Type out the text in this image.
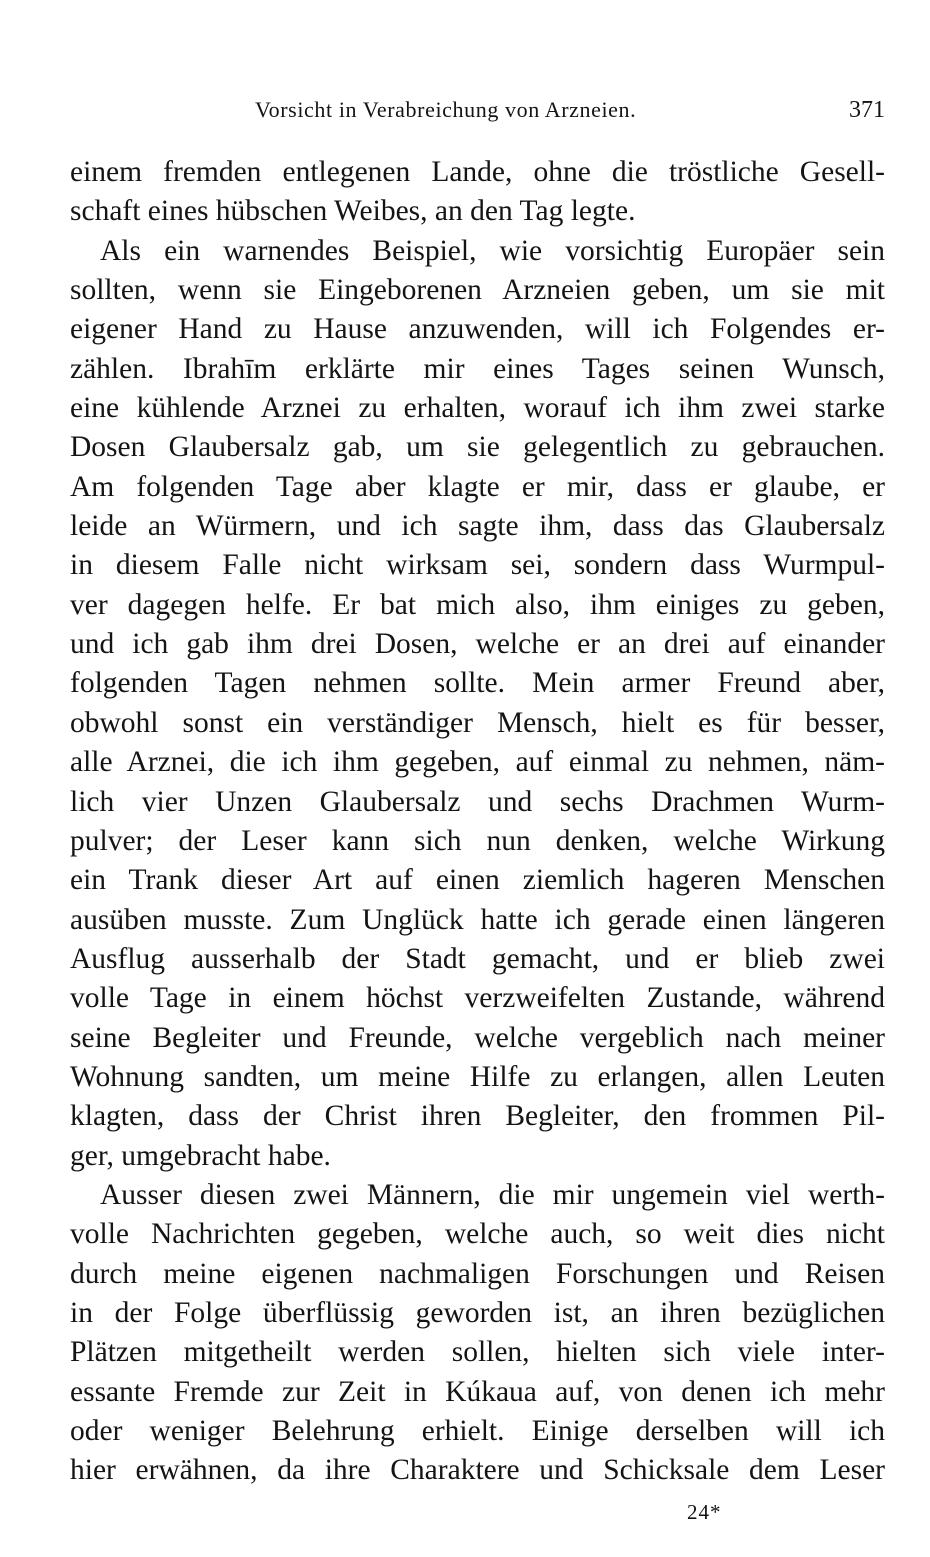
Vorsicht in Verabreichung von Arzneien.	371
einem fremden entlegenen Lande, ohne die tröstliche Gesell-
schaft eines hübschen Weibes, an den Tag legte.
Als ein warnendes Beispiel, wie vorsichtig Europäer sein
sollten, wenn sie Eingeborenen Arzneien geben, um sie mit
eigener Hand zu Hause anzuwenden, will ich Folgendes er-
zählen. Ibrahīm erklärte mir eines Tages seinen Wunsch,
eine kühlende Arznei zu erhalten, worauf ich ihm zwei starke
Dosen Glaubersalz gab, um sie gelegentlich zu gebrauchen.
Am folgenden Tage aber klagte er mir, dass er glaube, er
leide an Würmern, und ich sagte ihm, dass das Glaubersalz
in diesem Falle nicht wirksam sei, sondern dass Wurmpul-
ver dagegen helfe. Er bat mich also, ihm einiges zu geben,
und ich gab ihm drei Dosen, welche er an drei auf einander
folgenden Tagen nehmen sollte. Mein armer Freund aber,
obwohl sonst ein verständiger Mensch, hielt es für besser,
alle Arznei, die ich ihm gegeben, auf einmal zu nehmen, näm-
lich vier Unzen Glaubersalz und sechs Drachmen Wurm-
pulver; der Leser kann sich nun denken, welche Wirkung
ein Trank dieser Art auf einen ziemlich hageren Menschen
ausüben musste. Zum Unglück hatte ich gerade einen längeren
Ausflug ausserhalb der Stadt gemacht, und er blieb zwei
volle Tage in einem höchst verzweifelten Zustande, während
seine Begleiter und Freunde, welche vergeblich nach meiner
Wohnung sandten, um meine Hilfe zu erlangen, allen Leuten
klagten, dass der Christ ihren Begleiter, den frommen Pil-
ger, umgebracht habe.
Ausser diesen zwei Männern, die mir ungemein viel werth-
volle Nachrichten gegeben, welche auch, so weit dies nicht
durch meine eigenen nachmaligen Forschungen und Reisen
in der Folge überflüssig geworden ist, an ihren bezüglichen
Plätzen mitgetheilt werden sollen, hielten sich viele inter-
essante Fremde zur Zeit in Kúkaua auf, von denen ich mehr
oder weniger Belehrung erhielt. Einige derselben will ich
hier erwähnen, da ihre Charaktere und Schicksale dem Leser
24*
